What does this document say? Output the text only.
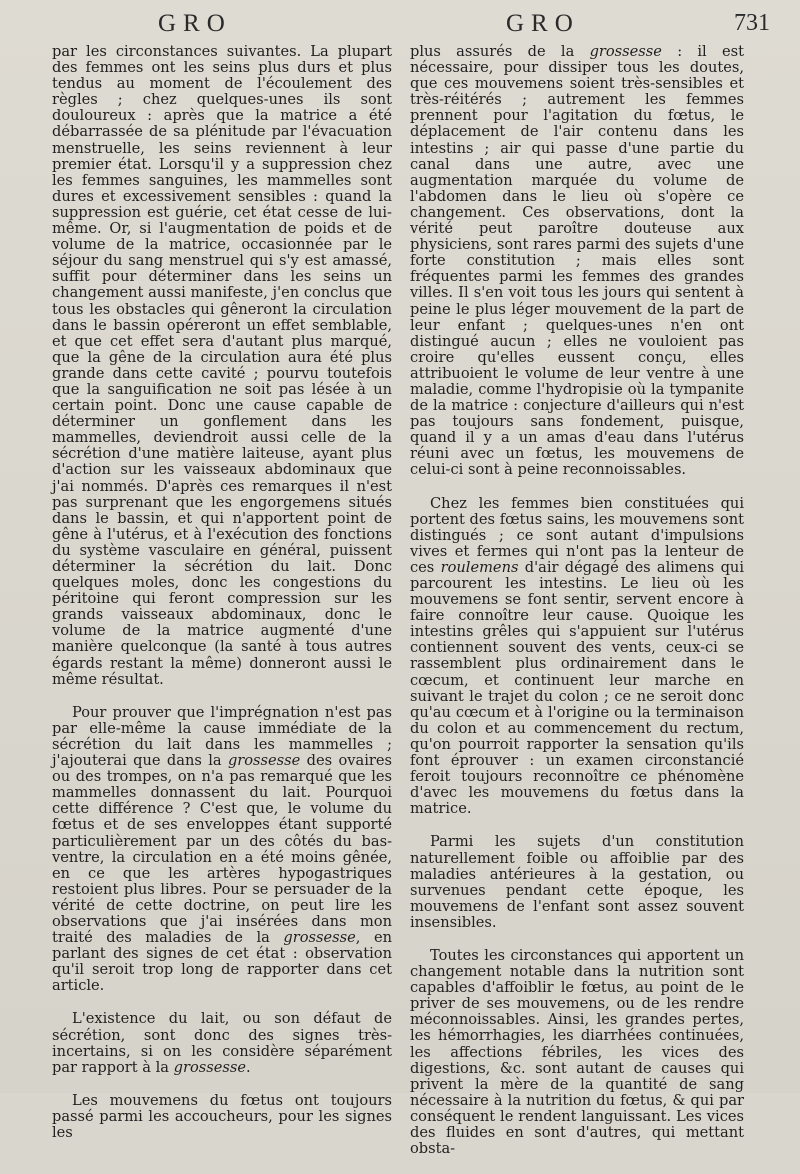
GRO	GRO	731

par les circonstances suivantes. La plupart des femmes ont les seins plus durs et plus tendus au moment de l'écoulement des règles ; chez quelques-unes ils sont douloureux : après que la matrice a été débarrassée de sa plénitude par l'évacuation menstruelle, les seins reviennent à leur premier état. Lorsqu'il y a suppression chez les femmes sanguines, les mammelles sont dures et excessivement sensibles : quand la suppression est guérie, cet état cesse de lui-même. Or, si l'augmentation de poids et de volume de la matrice, occasionnée par le séjour du sang menstruel qui s'y est amassé, suffit pour déterminer dans les seins un changement aussi manifeste, j'en conclus que tous les obstacles qui gêneront la circulation dans le bassin opéreront un effet semblable, et que cet effet sera d'autant plus marqué, que la gêne de la circulation aura été plus grande dans cette cavité ; pourvu toutefois que la sanguification ne soit pas lésée à un certain point. Donc une cause capable de déterminer un gonflement dans les mammelles, deviendroit aussi celle de la sécrétion d'une matière laiteuse, ayant plus d'action sur les vaisseaux abdominaux que j'ai nommés. D'après ces remarques il n'est pas surprenant que les engorgemens situés dans le bassin, et qui n'apportent point de gêne à l'utérus, et à l'exécution des fonctions du système vasculaire en général, puissent déterminer la sécrétion du lait. Donc quelques moles, donc les congestions du péritoine qui feront compression sur les grands vaisseaux abdominaux, donc le volume de la matrice augmenté d'une manière quelconque (la santé à tous autres égards restant la même) donneront aussi le même résultat.

Pour prouver que l'imprégnation n'est pas par elle-même la cause immédiate de la sécrétion du lait dans les mammelles ; j'ajouterai que dans la grossesse des ovaires ou des trompes, on n'a pas remarqué que les mammelles donnassent du lait. Pourquoi cette différence ? C'est que, le volume du fœtus et de ses enveloppes étant supporté particulièrement par un des côtés du bas-ventre, la circulation en a été moins gênée, en ce que les artères hypogastriques restoient plus libres. Pour se persuader de la vérité de cette doctrine, on peut lire les observations que j'ai insérées dans mon traité des maladies de la grossesse, en parlant des signes de cet état : observation qu'il seroit trop long de rapporter dans cet article.

L'existence du lait, ou son défaut de sécrétion, sont donc des signes très-incertains, si on les considère séparément par rapport à la grossesse.

Les mouvemens du fœtus ont toujours passé parmi les accoucheurs, pour les signes les

plus assurés de la grossesse : il est nécessaire, pour dissiper tous les doutes, que ces mouvemens soient très-sensibles et très-réitérés ; autrement les femmes prennent pour l'agitation du fœtus, le déplacement de l'air contenu dans les intestins ; air qui passe d'une partie du canal dans une autre, avec une augmentation marquée du volume de l'abdomen dans le lieu où s'opère ce changement. Ces observations, dont la vérité peut paroître douteuse aux physiciens, sont rares parmi des sujets d'une forte constitution ; mais elles sont fréquentes parmi les femmes des grandes villes. Il s'en voit tous les jours qui sentent à peine le plus léger mouvement de la part de leur enfant ; quelques-unes n'en ont distingué aucun ; elles ne vouloient pas croire qu'elles eussent conçu, elles attribuoient le volume de leur ventre à une maladie, comme l'hydropisie où la tympanite de la matrice : conjecture d'ailleurs qui n'est pas toujours sans fondement, puisque, quand il y a un amas d'eau dans l'utérus réuni avec un fœtus, les mouvemens de celui-ci sont à peine reconnoissables.

Chez les femmes bien constituées qui portent des fœtus sains, les mouvemens sont distingués ; ce sont autant d'impulsions vives et fermes qui n'ont pas la lenteur de ces roulemens d'air dégagé des alimens qui parcourent les intestins. Le lieu où les mouvemens se font sentir, servent encore à faire connoître leur cause. Quoique les intestins grêles qui s'appuient sur l'utérus contiennent souvent des vents, ceux-ci se rassemblent plus ordinairement dans le cœcum, et continuent leur marche en suivant le trajet du colon ; ce ne seroit donc qu'au cœcum et à l'origine ou la terminaison du colon et au commencement du rectum, qu'on pourroit rapporter la sensation qu'ils font éprouver : un examen circonstancié feroit toujours reconnoître ce phénomène d'avec les mouvemens du fœtus dans la matrice.

Parmi les sujets d'un constitution naturellement foible ou affoiblie par des maladies antérieures à la gestation, ou survenues pendant cette époque, les mouvemens de l'enfant sont assez souvent insensibles.

Toutes les circonstances qui apportent un changement notable dans la nutrition sont capables d'affoiblir le fœtus, au point de le priver de ses mouvemens, ou de les rendre méconnoissables. Ainsi, les grandes pertes, les hémorrhagies, les diarrhées continuées, les affections fébriles, les vices des digestions, &c. sont autant de causes qui privent la mère de la quantité de sang nécessaire à la nutrition du fœtus, & qui par conséquent le rendent languissant. Les vices des fluides en sont d'autres, qui mettant obsta-
